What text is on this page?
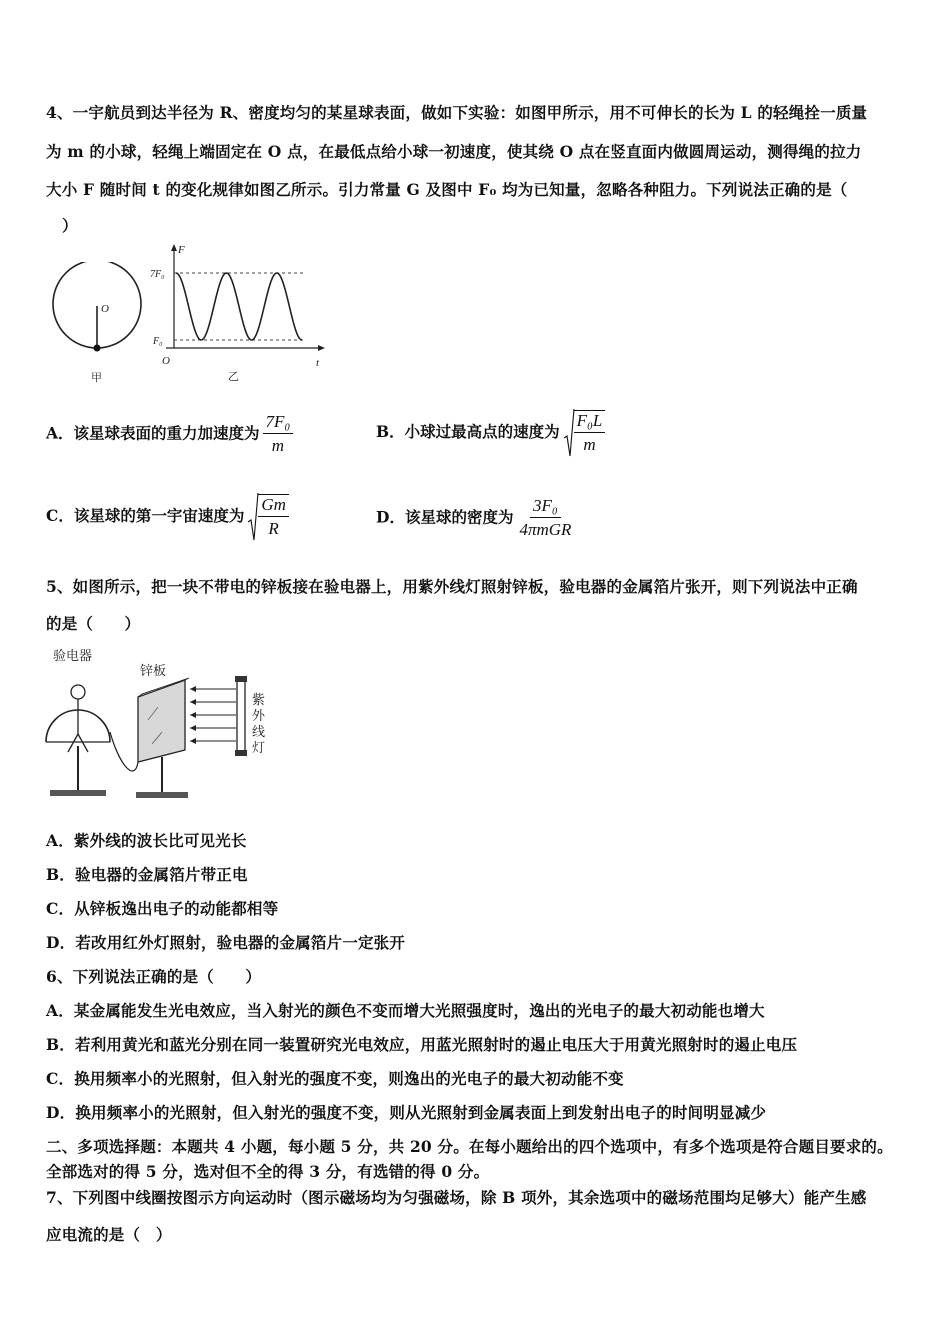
4、一宇航员到达半径为 R、密度均匀的某星球表面，做如下实验：如图甲所示，用不可伸长的长为 L 的轻绳拴一质量
为 m 的小球，轻绳上端固定在 O 点，在最低点给小球一初速度，使其绕 O 点在竖直面内做圆周运动，测得绳的拉力
大小 F 随时间 t 的变化规律如图乙所示。引力常量 G 及图中 F₀ 均为已知量，忽略各种阻力。下列说法正确的是（
）
O
甲
F
t
O
7F₀
F₀
乙
A．该星球表面的重力加速度为 $\frac{\text{7F₀}}{m}$	B．小球过最高点的速度为 $\frac{\text{F₀L}}{m}$
C．该星球的第一宇宙速度为 $\frac{Gm}{R}$	D．该星球的密度为 $\frac{\text{3F₀}}{\text{4πmGR}}$
5、如图所示，把一块不带电的锌板接在验电器上，用紫外线灯照射锌板，验电器的金属箔片张开，则下列说法中正确
的是（　　）
验电器
锌板
紫
外
线
灯
A．紫外线的波长比可见光长
B．验电器的金属箔片带正电
C．从锌板逸出电子的动能都相等
D．若改用红外灯照射，验电器的金属箔片一定张开
6、下列说法正确的是（　　）
A．某金属能发生光电效应，当入射光的颜色不变而增大光照强度时，逸出的光电子的最大初动能也增大
B．若利用黄光和蓝光分别在同一装置研究光电效应，用蓝光照射时的遏止电压大于用黄光照射时的遏止电压
C．换用频率小的光照射，但入射光的强度不变，则逸出的光电子的最大初动能不变
D．换用频率小的光照射，但入射光的强度不变，则从光照射到金属表面上到发射出电子的时间明显减少
二、多项选择题：本题共 4 小题，每小题 5 分，共 20 分。在每小题给出的四个选项中，有多个选项是符合题目要求的。
全部选对的得 5 分，选对但不全的得 3 分，有选错的得 0 分。
7、下列图中线圈按图示方向运动时（图示磁场均为匀强磁场，除 B 项外，其余选项中的磁场范围均足够大）能产生感
应电流的是（　）
